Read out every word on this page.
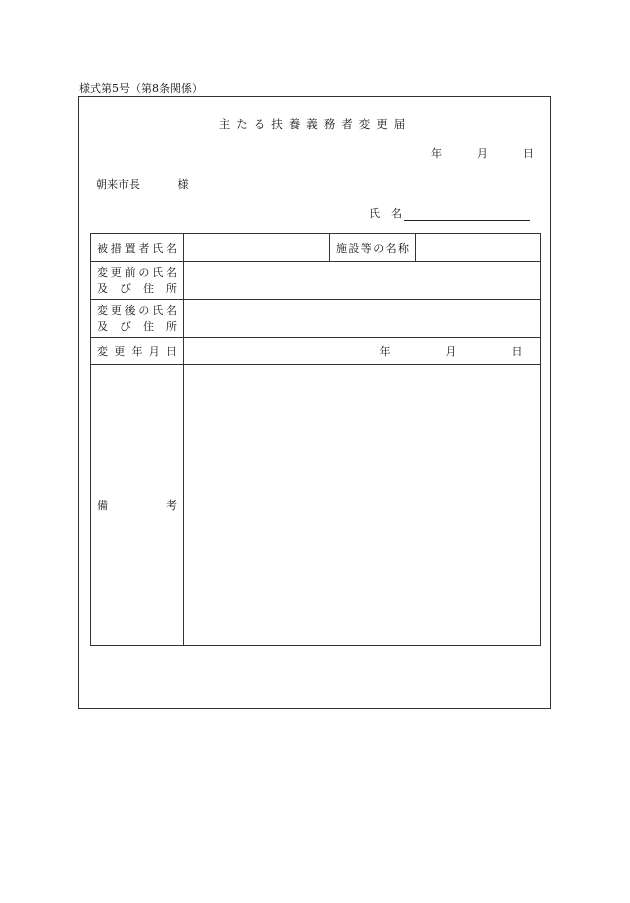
様式第5号（第8条関係）
主たる扶養義務者変更届
年	月	日
朝来市長	様
氏　名
被措置者氏名		施設等の名称	

変更前の氏名
及び住所			

変更後の氏名
及び住所			

変更年月日	年 月 日		

備 考			
